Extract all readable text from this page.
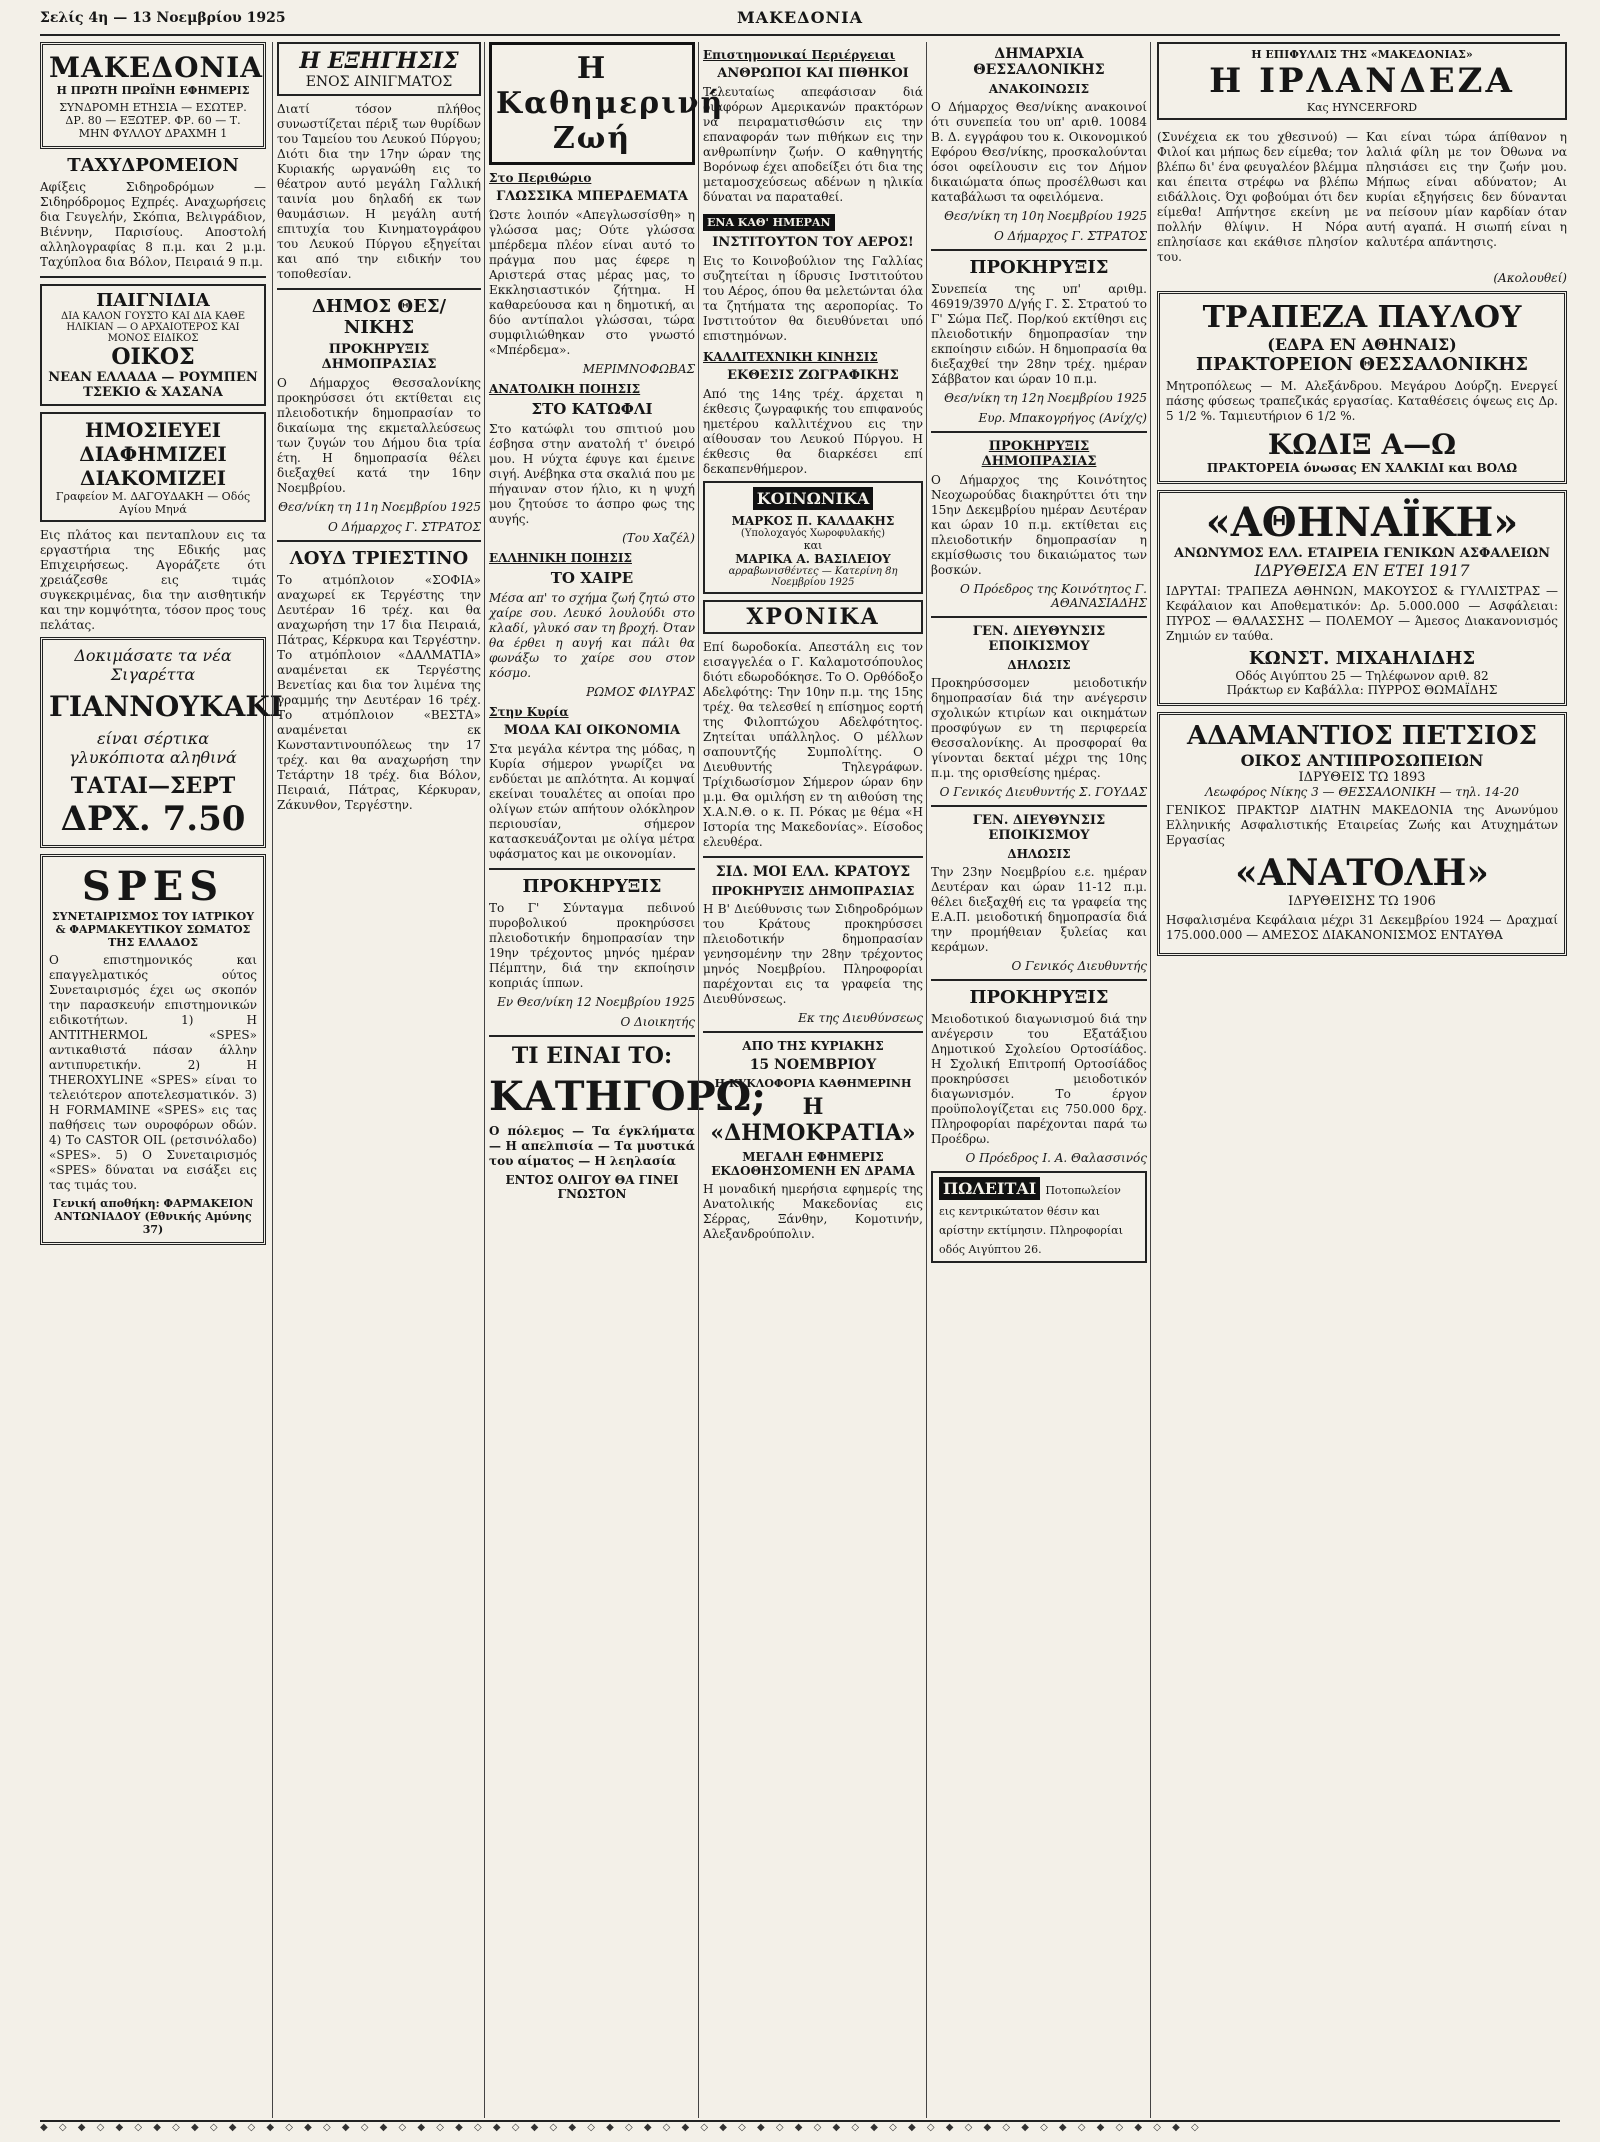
Σελίς 4η — 13 Νοεμβρίου 1925	ΜΑΚΕΔΟΝΙΑ
ΜΑΚΕΔΟΝΙΑ
Η ΠΡΩΤΗ ΠΡΩΪΝΗ ΕΦΗΜΕΡΙΣ
ΣΥΝΔΡΟΜΗ ΕΤΗΣΙΑ — ΕΣΩΤΕΡ. ΔΡ. 80 — ΕΞΩΤΕΡ. ΦΡ. 60 — Τ. ΜΗΝ ΦΥΛΛΟΥ ΔΡΑΧΜΗ 1
ΤΑΧΥΔΡΟΜΕΙΟΝ

Αφίξεις Σιδηροδρόμων — Σιδηρόδρομος Εχπρές. Αναχωρήσεις δια Γευγελήν, Σκόπια, Βελιγράδιον, Βιέννην, Παρισίους. Αποστολή αλληλογραφίας 8 π.μ. και 2 μ.μ. Ταχύπλοα δια Βόλον, Πειραιά 9 π.μ.

ΠΑΙΓΝΙΔΙΑ
ΔΙΑ ΚΑΛΟΝ ΓΟΥΣΤΟ ΚΑΙ ΔΙΑ ΚΑΘΕ ΗΛΙΚΙΑΝ — Ο ΑΡΧΑΙΟΤΕΡΟΣ ΚΑΙ ΜΟΝΟΣ ΕΙΔΙΚΟΣ
ΟΙΚΟΣ
ΝΕΑΝ ΕΛΛΑΔΑ — ΡΟΥΜΠΕΝ ΤΣΕΚΙΟ & ΧΑΣΑΝΑ
ΗΜΟΣΙΕΥΕΙ ΔΙΑΦΗΜΙΖΕΙ ΔΙΑΚΟΜΙΖΕΙ
Γραφείον Μ. ΔΑΓΟΥΔΑΚΗ — Οδός Αγίου Μηνά

Εις πλάτος και πενταπλουν εις τα εργαστήρια της Εδικής μας Επιχειρήσεως. Αγοράζετε ότι χρειάζεσθε εις τιμάς συγκεκριμένας, δια την αισθητικήν και την κομψότητα, τόσον προς τους πελάτας.

Δοκιμάσατε τα νέα Σιγαρέττα
ΓΙΑΝΝΟΥΚΑΚΙ
είναι σέρτικα γλυκόπιοτα αληθινά
ΤΑΤΑΙ—ΣΕΡΤ
ΔΡΧ. 7.50
SPES
ΣΥΝΕΤΑΙΡΙΣΜΟΣ ΤΟΥ ΙΑΤΡΙΚΟΥ & ΦΑΡΜΑΚΕΥΤΙΚΟΥ ΣΩΜΑΤΟΣ ΤΗΣ ΕΛΛΑΔΟΣ

Ο επιστημονικός και επαγγελματικός ούτος Συνεταιρισμός έχει ως σκοπόν την παρασκευήν επιστημονικών ειδικοτήτων. 1) Η ANTITHERMOL «SPES» αντικαθιστά πάσαν άλλην αντιπυρετικήν. 2) Η THEROXYLINE «SPES» είναι το τελειότερον αποτελεσματικόν. 3) Η FORMAMINE «SPES» εις τας παθήσεις των ουροφόρων οδών. 4) Το CASTOR OIL (ρετσινόλαδο) «SPES». 5) Ο Συνεταιρισμός «SPES» δύναται να εισάξει εις τας τιμάς του.

Γενική αποθήκη: ΦΑΡΜΑΚΕΙΟΝ ΑΝΤΩΝΙΑΔΟΥ (Εθνικής Αμύνης 37)
Η ΕΞΗΓΗΣΙΣ
ΕΝΟΣ ΑΙΝΙΓΜΑΤΟΣ

Διατί τόσον πλήθος συνωστίζεται πέριξ των θυρίδων του Ταμείου του Λευκού Πύργου; Διότι δια την 17ην ώραν της Κυριακής ωργανώθη εις το θέατρον αυτό μεγάλη Γαλλική ταινία μου δηλαδή εκ των θαυμάσιων. Η μεγάλη αυτή επιτυχία του Κινηματογράφου του Λευκού Πύργου εξηγείται και από την ειδικήν του τοποθεσίαν.

ΔΗΜΟΣ ΘΕΣ/ΝΙΚΗΣ
ΠΡΟΚΗΡΥΞΙΣ ΔΗΜΟΠΡΑΣΙΑΣ

Ο Δήμαρχος Θεσσαλονίκης προκηρύσσει ότι εκτίθεται εις πλειοδοτικήν δημοπρασίαν το δικαίωμα της εκμεταλλεύσεως των ζυγών του Δήμου δια τρία έτη. Η δημοπρασία θέλει διεξαχθεί κατά την 16ην Νοεμβρίου.

Θεσ/νίκη τη 11η Νοεμβρίου 1925
Ο Δήμαρχος Γ. ΣΤΡΑΤΟΣ
ΛΟΥΔ ΤΡΙΕΣΤΙΝΟ

Το ατμόπλοιον «ΣΟΦΙΑ» αναχωρεί εκ Τεργέστης την Δευτέραν 16 τρέχ. και θα αναχωρήση την 17 δια Πειραιά, Πάτρας, Κέρκυρα και Τεργέστην. Το ατμόπλοιον «ΔΑΛΜΑΤΙΑ» αναμένεται εκ Τεργέστης Βενετίας και δια τον λιμένα της γραμμής την Δευτέραν 16 τρέχ. Το ατμόπλοιον «ΒΕΣΤΑ» αναμένεται εκ Κωνσταντινουπόλεως την 17 τρέχ. και θα αναχωρήση την Τετάρτην 18 τρέχ. δια Βόλον, Πειραιά, Πάτρας, Κέρκυραν, Ζάκυνθον, Τεργέστην.

Η Καθημερινή Ζωή
Στο Περιθώριο
ΓΛΩΣΣΙΚΑ ΜΠΕΡΔΕΜΑΤΑ

Ώστε λοιπόν «Απεγλωσσίσθη» η γλώσσα μας; Ούτε γλώσσα μπέρδεμα πλέον είναι αυτό το πράγμα που μας έφερε η Αριστερά στας μέρας μας, το Εκκλησιαστικόν ζήτημα. Η καθαρεύουσα και η δημοτική, αι δύο αντίπαλοι γλώσσαι, τώρα συμφιλιώθηκαν στο γνωστό «Μπέρδεμα».

ΜΕΡΙΜΝΟΦΩΒΑΣ
ΑΝΑΤΟΛΙΚΗ ΠΟΙΗΣΙΣ
ΣΤΟ ΚΑΤΩΦΛΙ

Στο κατώφλι του σπιτιού μου έσβησα στην ανατολή τ' όνειρό μου. Η νύχτα έφυγε και έμεινε σιγή. Ανέβηκα στα σκαλιά που με πήγαιναν στον ήλιο, κι η ψυχή μου ζητούσε το άσπρο φως της αυγής.

(Του Χαζέλ)
ΕΛΛΗΝΙΚΗ ΠΟΙΗΣΙΣ
ΤΟ ΧΑΙΡΕ

Μέσα απ' το σχήμα ζωή ζητώ στο χαίρε σου. Λευκό λουλούδι στο κλαδί, γλυκό σαν τη βροχή. Όταν θα έρθει η αυγή και πάλι θα φωνάξω το χαίρε σου στον κόσμο.

ΡΩΜΟΣ ΦΙΛΥΡΑΣ
Στην Κυρία
ΜΟΔΑ ΚΑΙ ΟΙΚΟΝΟΜΙΑ

Στα μεγάλα κέντρα της μόδας, η Κυρία σήμερον γνωρίζει να ενδύεται με απλότητα. Αι κομψαί εκείναι τουαλέτες αι οποίαι προ ολίγων ετών απήτουν ολόκληρον περιουσίαν, σήμερον κατασκευάζονται με ολίγα μέτρα υφάσματος και με οικονομίαν.

ΠΡΟΚΗΡΥΞΙΣ

Το Γ' Σύνταγμα πεδινού πυροβολικού προκηρύσσει πλειοδοτικήν δημοπρασίαν την 19ην τρέχοντος μηνός ημέραν Πέμπτην, διά την εκποίησιν κοπριάς ίππων.

Εν Θεσ/νίκη 12 Νοεμβρίου 1925
Ο Διοικητής
ΤΙ ΕΙΝΑΙ ΤΟ:
ΚΑΤΗΓΟΡΩ;

Ο πόλεμος — Τα έγκλήματα — Η απελπισία — Τα μυστικά του αίματος — Η λεηλασία

ΕΝΤΟΣ ΟΛΙΓΟΥ ΘΑ ΓΙΝΕΙ ΓΝΩΣΤΟΝ
Επιστημονικαί Περιέργειαι
ΑΝΘΡΩΠΟΙ ΚΑΙ ΠΙΘΗΚΟΙ

Τελευταίως απεφάσισαν διά διαφόρων Αμερικανών πρακτόρων να πειραματισθώσιν εις την επαναφοράν των πιθήκων εις την ανθρωπίνην ζωήν. Ο καθηγητής Βορόνωφ έχει αποδείξει ότι δια της μεταμοσχεύσεως αδένων η ηλικία δύναται να παραταθεί.

ΕΝΑ ΚΑΘ' ΗΜΕΡΑΝ
ΙΝΣΤΙΤΟΥΤΟΝ ΤΟΥ ΑΕΡΟΣ!

Εις το Κοινοβούλιον της Γαλλίας συζητείται η ίδρυσις Ινστιτούτου του Αέρος, όπου θα μελετώνται όλα τα ζητήματα της αεροπορίας. Το Ινστιτούτον θα διευθύνεται υπό επιστημόνων.

ΚΑΛΛΙΤΕΧΝΙΚΗ ΚΙΝΗΣΙΣ
ΕΚΘΕΣΙΣ ΖΩΓΡΑΦΙΚΗΣ

Από της 14ης τρέχ. άρχεται η έκθεσις ζωγραφικής του επιφανούς ημετέρου καλλιτέχνου εις την αίθουσαν του Λευκού Πύργου. Η έκθεσις θα διαρκέσει επί δεκαπενθήμερον.

ΚΟΙΝΩΝΙΚΑ
ΜΑΡΚΟΣ Π. ΚΑΛΔΑΚΗΣ
(Υπολοχαγός Χωροφυλακής)
και
ΜΑΡΙΚΑ Α. ΒΑΣΙΛΕΙΟΥ
αρραβωνισθέντες — Κατερίνη 8η Νοεμβρίου 1925
ΧΡΟΝΙΚΑ

Επί δωροδοκία. Απεστάλη εις τον εισαγγελέα ο Γ. Καλαμοτσόπουλος διότι εδωροδόκησε. Το Ο. Ορθόδοξο Αδελφότης: Την 10ην π.μ. της 15ης τρέχ. θα τελεσθεί η επίσημος εορτή της Φιλοπτώχου Αδελφότητος. Ζητείται υπάλληλος. Ο μέλλων σαπουντζής Συμπολίτης. Ο Διευθυντής Τηλεγράφων. Τρίχιδωσίσμον Σήμερον ώραν 6ην μ.μ. Θα ομιλήση εν τη αιθούση της Χ.Α.Ν.Θ. ο κ. Π. Ρόκας με θέμα «Η Ιστορία της Μακεδονίας». Είσοδος ελευθέρα.

ΣΙΔ. ΜΟΙ ΕΛΛ. ΚΡΑΤΟΥΣ
ΠΡΟΚΗΡΥΞΙΣ ΔΗΜΟΠΡΑΣΙΑΣ

Η Β' Διεύθυνσις των Σιδηροδρόμων του Κράτους προκηρύσσει πλειοδοτικήν δημοπρασίαν γενησομένην την 28ην τρέχοντος μηνός Νοεμβρίου. Πληροφορίαι παρέχονται εις τα γραφεία της Διευθύνσεως.

Εκ της Διευθύνσεως
ΑΠΟ ΤΗΣ ΚΥΡΙΑΚΗΣ
15 ΝΟΕΜΒΡΙΟΥ
Η ΚΥΚΛΟΦΟΡΙΑ ΚΑΘΗΜΕΡΙΝΗ
Η «ΔΗΜΟΚΡΑΤΙΑ»
ΜΕΓΑΛΗ ΕΦΗΜΕΡΙΣ ΕΚΔΟΘΗΣΟΜΕΝΗ ΕΝ ΔΡΑΜΑ

Η μοναδική ημερήσια εφημερίς της Ανατολικής Μακεδονίας εις Σέρρας, Ξάνθην, Κομοτινήν, Αλεξανδρούπολιν.

ΔΗΜΑΡΧΙΑ ΘΕΣΣΑΛΟΝΙΚΗΣ
ΑΝΑΚΟΙΝΩΣΙΣ

Ο Δήμαρχος Θεσ/νίκης ανακοινοί ότι συνεπεία του υπ' αριθ. 10084 Β. Δ. εγγράφου του κ. Οικονομικού Εφόρου Θεσ/νίκης, προσκαλούνται όσοι οφείλουσιν εις τον Δήμον δικαιώματα όπως προσέλθωσι και καταβάλωσι τα οφειλόμενα.

Θεσ/νίκη τη 10η Νοεμβρίου 1925
Ο Δήμαρχος Γ. ΣΤΡΑΤΟΣ
ΠΡΟΚΗΡΥΞΙΣ

Συνεπεία της υπ' αριθμ. 46919/3970 Δ/γής Γ. Σ. Στρατού το Γ' Σώμα Πεζ. Πορ/κού εκτίθησι εις πλειοδοτικήν δημοπρασίαν την εκποίησιν ειδών. Η δημοπρασία θα διεξαχθεί την 28ην τρέχ. ημέραν Σάββατον και ώραν 10 π.μ.

Θεσ/νίκη τη 12η Νοεμβρίου 1925
Ευρ. Μπακογρήγος (Ανίχ/ς)
ΠΡΟΚΗΡΥΞΙΣ ΔΗΜΟΠΡΑΣΙΑΣ

Ο Δήμαρχος της Κοινότητος Νεοχωρούδας διακηρύττει ότι την 15ην Δεκεμβρίου ημέραν Δευτέραν και ώραν 10 π.μ. εκτίθεται εις πλειοδοτικήν δημοπρασίαν η εκμίσθωσις του δικαιώματος των βοσκών.

Ο Πρόεδρος της Κοινότητος Γ. ΑΘΑΝΑΣΙΑΔΗΣ
ΓΕΝ. ΔΙΕΥΘΥΝΣΙΣ ΕΠΟΙΚΙΣΜΟΥ
ΔΗΛΩΣΙΣ

Προκηρύσσομεν μειοδοτικήν δημοπρασίαν διά την ανέγερσιν σχολικών κτιρίων και οικημάτων προσφύγων εν τη περιφερεία Θεσσαλονίκης. Αι προσφοραί θα γίνονται δεκταί μέχρι της 10ης π.μ. της ορισθείσης ημέρας.

Ο Γενικός Διευθυντής Σ. ΓΟΥΔΑΣ
ΓΕΝ. ΔΙΕΥΘΥΝΣΙΣ ΕΠΟΙΚΙΣΜΟΥ
ΔΗΛΩΣΙΣ

Την 23ην Νοεμβρίου ε.ε. ημέραν Δευτέραν και ώραν 11-12 π.μ. θέλει διεξαχθή εις τα γραφεία της Ε.Α.Π. μειοδοτική δημοπρασία διά την προμήθειαν ξυλείας και κεράμων.

Ο Γενικός Διευθυντής
ΠΡΟΚΗΡΥΞΙΣ

Μειοδοτικού διαγωνισμού διά την ανέγερσιν του Εξατάξιου Δημοτικού Σχολείου Ορτοσίάδος. Η Σχολική Επιτροπή Ορτοσίάδος προκηρύσσει μειοδοτικόν διαγωνισμόν. Το έργον προϋπολογίζεται εις 750.000 δρχ. Πληροφορίαι παρέχονται παρά τω Προέδρω.

Ο Πρόεδρος Ι. Α. Θαλασσινός
ΠΩΛΕΙΤΑΙ Ποτοπωλείον εις κεντρικώτατον θέσιν και αρίστην εκτίμησιν. Πληροφορίαι οδός Αιγύπτου 26.
Η ΕΠΙΦΥΛΛΙΣ ΤΗΣ «ΜΑΚΕΔΟΝΙΑΣ»
Η ΙΡΛΑΝΔΕΖΑ
Κας ΗΥΝCERFORD

(Συνέχεια εκ του χθεσινού) — Φιλοί και μήπως δεν είμεθα; τον βλέπω δι' ένα φευγαλέον βλέμμα και έπειτα στρέφω να βλέπω ειδάλλοις. Όχι φοβούμαι ότι δεν είμεθα! Απήντησε εκείνη με πολλήν θλίψιν. Η Νόρα επλησίασε και εκάθισε πλησίον του.

Και είναι τώρα άπίθανον η λαλιά φίλη με τον Όθωνα να πλησιάσει εις την ζωήν μου. Μήπως είναι αδύνατον; Αι κυρίαι εξηγήσεις δεν δύνανται να πείσουν μίαν καρδίαν όταν αυτή αγαπά. Η σιωπή είναι η καλυτέρα απάντησις.

(Ακολουθεί)
ΤΡΑΠΕΖΑ ΠΑΥΛΟΥ
(ΕΔΡΑ ΕΝ ΑΘΗΝΑΙΣ)
ΠΡΑΚΤΟΡΕΙΟΝ ΘΕΣΣΑΛΟΝΙΚΗΣ

Μητροπόλεως — Μ. Αλεξάνδρου. Μεγάρου Δούρζη. Ενεργεί πάσης φύσεως τραπεζικάς εργασίας. Καταθέσεις όψεως εις Δρ. 5 1/2 %. Ταμιευτήριον 6 1/2 %.

ΚΩΔΙΞ Α—Ω
ΠΡΑΚΤΟΡΕΙΑ όνωσας ΕΝ ΧΑΛΚΙΔΙ και ΒΟΛΩ
«ΑΘΗΝΑΪΚΗ»
ΑΝΩΝΥΜΟΣ ΕΛΛ. ΕΤΑΙΡΕΙΑ ΓΕΝΙΚΩΝ ΑΣΦΑΛΕΙΩΝ
ΙΔΡΥΘΕΙΣΑ ΕΝ ΕΤΕΙ 1917

ΙΔΡΥΤΑΙ: ΤΡΑΠΕΖΑ ΑΘΗΝΩΝ, ΜΑΚΟΥΣΟΣ & ΓΥΛΛΙΣΤΡΑΣ — Κεφάλαιον και Αποθεματικόν: Δρ. 5.000.000 — Ασφάλειαι: ΠΥΡΟΣ — ΘΑΛΑΣΣΗΣ — ΠΟΛΕΜΟΥ — Άμεσος Διακανονισμός Ζημιών εν ταύθα.

ΚΩΝΣΤ. ΜΙΧΑΗΛΙΔΗΣ
Οδός Αιγύπτου 25 — Τηλέφωνον αριθ. 82
Πράκτωρ εν Καβάλλα: ΠΥΡΡΟΣ ΘΩΜΑΪΔΗΣ
ΑΔΑΜΑΝΤΙΟΣ ΠΕΤΣΙΟΣ
ΟΙΚΟΣ ΑΝΤΙΠΡΟΣΩΠΕΙΩΝ
ΙΔΡΥΘΕΙΣ ΤΩ 1893
Λεωφόρος Νίκης 3 — ΘΕΣΣΑΛΟΝΙΚΗ — τηλ. 14-20

ΓΕΝΙΚΟΣ ΠΡΑΚΤΩΡ ΔΙΑΤΗΝ ΜΑΚΕΔΟΝΙΑ της Ανωνύμου Ελληνικής Ασφαλιστικής Εταιρείας Ζωής και Ατυχημάτων Εργασίας

«ΑΝΑΤΟΛΗ»
ΙΔΡΥΘΕΙΣΗΣ ΤΩ 1906

Ησφαλισμένα Κεφάλαια μέχρι 31 Δεκεμβρίου 1924 — Δραχμαί 175.000.000 — ΑΜΕΣΟΣ ΔΙΑΚΑΝΟΝΙΣΜΟΣ ΕΝΤΑΥΘΑ

◆ ◇ ◆ ◇ ◆ ◇ ◆ ◇ ◆ ◇ ◆ ◇ ◆ ◇ ◆ ◇ ◆ ◇ ◆ ◇ ◆ ◇ ◆ ◇ ◆ ◇ ◆ ◇ ◆ ◇ ◆ ◇ ◆ ◇ ◆ ◇ ◆ ◇ ◆ ◇ ◆ ◇ ◆ ◇ ◆ ◇ ◆ ◇ ◆ ◇ ◆ ◇ ◆ ◇ ◆ ◇ ◆ ◇ ◆ ◇ ◆ ◇
